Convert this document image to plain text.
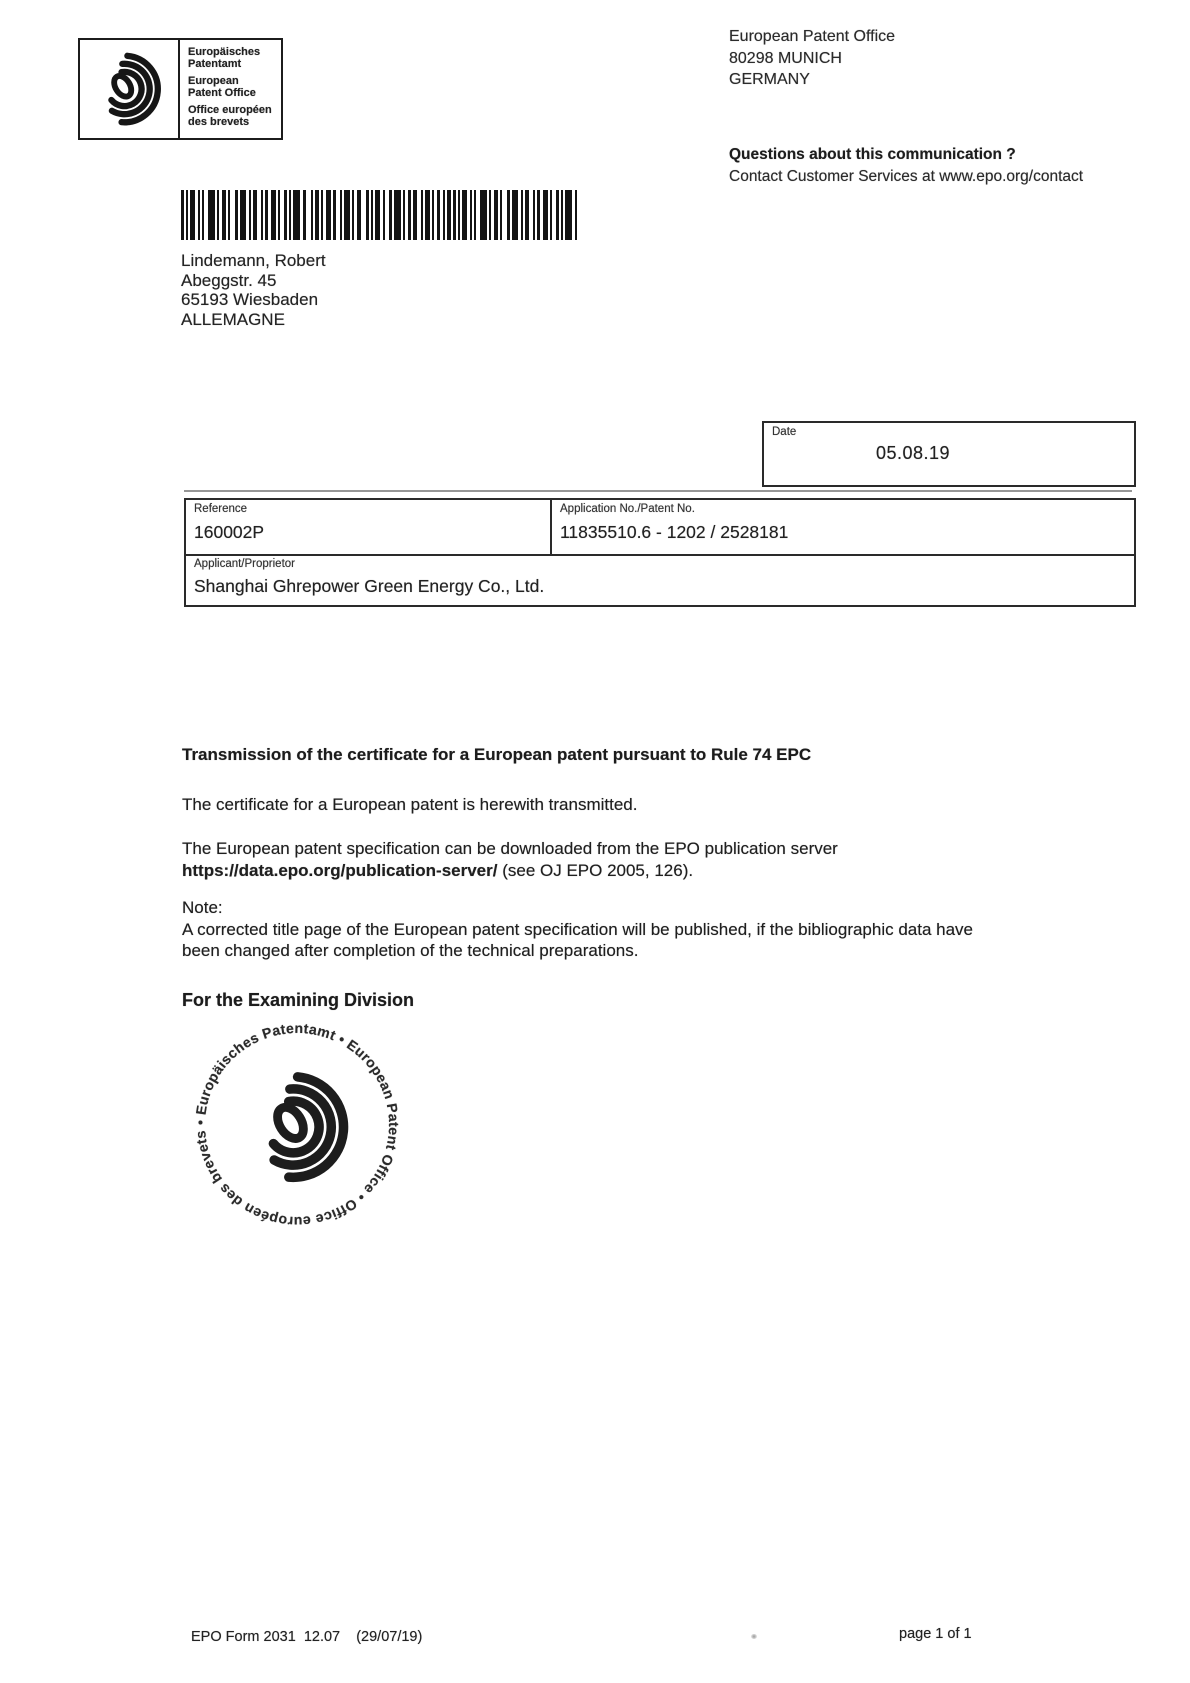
Europäisches
Patentamt
European
Patent Office
Office européen
des brevets
European Patent Office
80298 MUNICH
GERMANY
Questions about this communication ?
Contact Customer Services at www.epo.org/contact
Lindemann, Robert
Abeggstr. 45
65193 Wiesbaden
ALLEMAGNE
Date
05.08.19
Reference
160002P
Application No./Patent No.
11835510.6 - 1202 / 2528181
Applicant/Proprietor
Shanghai Ghrepower Green Energy Co., Ltd.
Transmission of the certificate for a European patent pursuant to Rule 74 EPC
The certificate for a European patent is herewith transmitted.
The European patent specification can be downloaded from the EPO publication server
https://data.epo.org/publication-server/ (see OJ EPO 2005, 126).
Note:
A corrected title page of the European patent specification will be published, if the bibliographic data have
been changed after completion of the technical preparations.
For the Examining Division
• Europäisches Patentamt • European Patent Office • Office européen des brevets
EPO Form 2031  12.07    (29/07/19)	page 1 of 1
